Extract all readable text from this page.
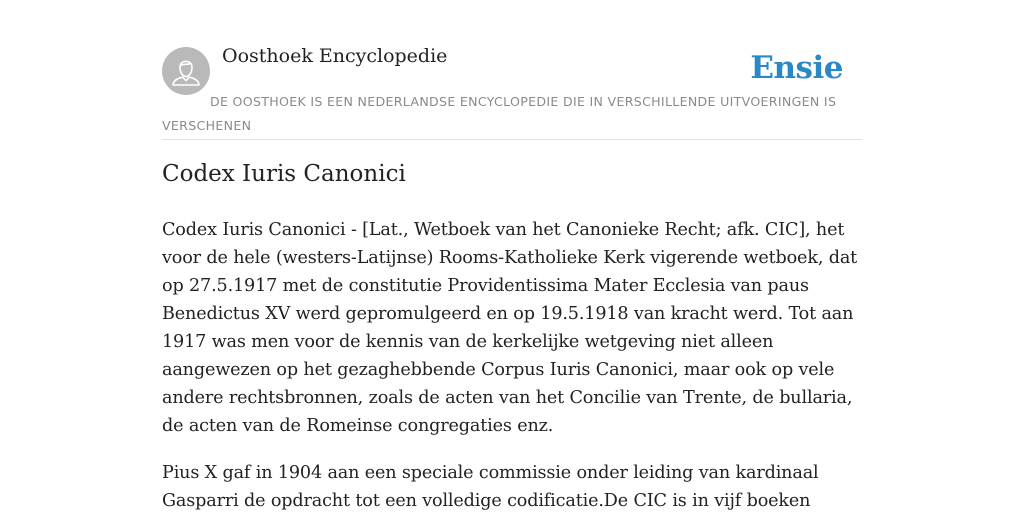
Oosthoek Encyclopedie	Ensie
DE OOSTHOEK IS EEN NEDERLANDSE ENCYCLOPEDIE DIE IN VERSCHILLENDE UITVOERINGEN IS VERSCHENEN
Codex Iuris Canonici

Codex Iuris Canonici - [Lat., Wetboek van het Canonieke Recht; afk. CIC], het voor de hele (westers-Latijnse) Rooms-Katholieke Kerk vigerende wetboek, dat op 27.5.1917 met de constitutie Providentissima Mater Ecclesia van paus Benedictus XV werd gepromulgeerd en op 19.5.1918 van kracht werd. Tot aan 1917 was men voor de kennis van de kerkelijke wetgeving niet alleen aangewezen op het gezaghebbende Corpus Iuris Canonici, maar ook op vele andere rechtsbronnen, zoals de acten van het Concilie van Trente, de bullaria, de acten van de Romeinse congregaties enz.

Pius X gaf in 1904 aan een speciale commissie onder leiding van kardinaal Gasparri de opdracht tot een volledige codificatie.De CIC is in vijf boeken
